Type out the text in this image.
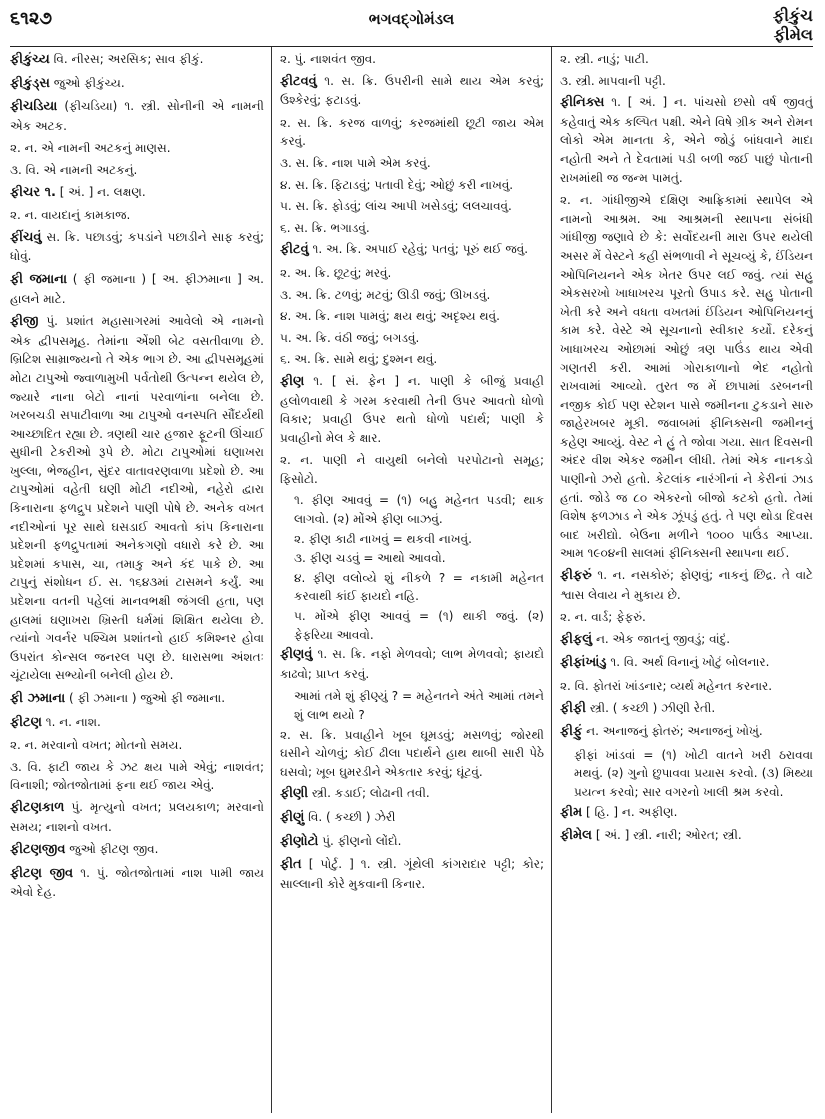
૬૧૨૭	ભગવદ્ગોમંડલ	ફીકુંચ
ફીમેલ
ફીકુંચ્ય વિ. નીરસ; અરસિક; સાવ ફીકું.
ફીકુંડ્સ જુઓ ફીકુંચ્ય.
ફીચડિયા (ફીચડિયા) ૧. સ્ત્રી. સોનીની એ નામની એક અટક.
૨. ન. એ નામની અટકનું માણસ.
૩. વિ. એ નામની અટકનું.
ફીચર ૧. [ અં. ] ન. લક્ષણ.
૨. ન. વાયદાનું કામકાજ.
ફીંચવું સ. ક્રિ. પછાડવું; કપડાંને પછાડીને સાફ કરવું; ધોવું.
ફી જમાના ( ફી જમાના ) [ અ. ફીઝમાના ] અ. હાલને માટે.
ફીજી પું. પ્રશાંત મહાસાગરમાં આવેલો એ નામનો એક દ્વીપસમૂહ. તેમાંના એંશી બેટ વસતીવાળા છે. બ્રિટિશ સામ્રાજ્યનો તે એક ભાગ છે. આ દ્વીપસમૂહમાં મોટા ટાપુઓ જ્વાળામુખી પર્વતોથી ઉત્પન્ન થયેલ છે, જ્યારે નાના બેટો નાનાં પરવાળાંના બનેલા છે. ખરબચડી સપાટીવાળા આ ટાપુઓ વનસ્પતિ સૌંદર્યથી આચ્છાદિત રહ્યા છે. ત્રણથી ચાર હજાર ફૂટની ઊંચાઈ સુધીની ટેકરીઓ રૂપે છે. મોટા ટાપુઓમાં ઘણાખરા ખુલ્લા, ભેજહીન, સુંદર વાતાવરણવાળા પ્રદેશો છે. આ ટાપુઓમાં વહેતી ઘણી મોટી નદીઓ, નહેરો દ્વારા કિનારાના ફળદ્રુપ પ્રદેશને પાણી પોષે છે. અનેક વખત નદીઓનાં પૂર સાથે ઘસડાઈ આવતો કાંપ કિનારાના પ્રદેશની ફળદ્રુપતામાં અનેકગણો વધારો કરે છે. આ પ્રદેશમાં કપાસ, ચા, તમાકુ અને કંદ પાકે છે. આ ટાપુનું સંશોધન ઈ. સ. ૧૬૪૩માં ટાસમને કર્યું. આ પ્રદેશના વતની પહેલાં માનવભક્ષી જંગલી હતા, પણ હાલમાં ઘણાખરા ખ્રિસ્તી ધર્મમાં શિક્ષિત થયેલા છે. ત્યાંનો ગવર્નર પશ્ચિમ પ્રશાંતનો હાઈ કમિશ્નર હોવા ઉપરાંત કોન્સલ જનરલ પણ છે. ધારાસભા અંશતઃ ચૂંટાયેલા સભ્યોની બનેલી હોય છે.
ફી ઝમાના ( ફી ઝમાના ) જુઓ ફી જમાના.
ફીટણ ૧. ન. નાશ.
૨. ન. મરવાનો વખત; મોતનો સમય.
૩. વિ. ફાટી જાય કે ઝટ ક્ષય પામે એવું; નાશવંત; વિનાશી; જોતજોતામાં ફના થઈ જાય એવું.
ફીટણકાળ પું. મૃત્યુનો વખત; પ્રલયકાળ; મરવાનો સમય; નાશનો વખત.
ફીટણજીવ જુઓ ફીટણ જીવ.
ફીટણ જીવ ૧. પું. જોતજોતામાં નાશ પામી જાય એવો દેહ.
૨. પું. નાશવંત જીવ.
ફીટવવું ૧. સ. ક્રિ. ઉપરીની સામે થાય એમ કરવું; ઉશ્કેરવું; ફટાડવું.
૨. સ. ક્રિ. કરજ વાળવું; કરજમાંથી છૂટી જાય એમ કરવું.
૩. સ. ક્રિ. નાશ પામે એમ કરવું.
૪. સ. ક્રિ. ફિટાડવું; પતાવી દેવું; ઓછું કરી નાખવું.
૫. સ. ક્રિ. ફોડવું; લાંચ આપી ખસેડવું; લલચાવવું.
૬. સ. ક્રિ. ભગાડવું.
ફીટવું ૧. અ. ક્રિ. અપાઈ રહેવું; પતવું; પૂરું થઈ જવું.
૨. અ. ક્રિ. છૂટવું; મરવું.
૩. અ. ક્રિ. ટળવું; મટવું; ઊડી જવું; ઊખડવું.
૪. અ. ક્રિ. નાશ પામવું; ક્ષય થવું; અદૃશ્ય થવું.
૫. અ. ક્રિ. વંઠી જવું; બગડવું.
૬. અ. ક્રિ. સામે થવું; દુશ્મન થવું.
ફીણ ૧. [ સં. ફેન ] ન. પાણી કે બીજું પ્રવાહી હલોળવાથી કે ગરમ કરવાથી તેની ઉપર આવતો ધોળો વિકાર; પ્રવાહી ઉપર થતો ધોળો પદાર્થ; પાણી કે પ્રવાહીનો મેલ કે ક્ષાર.
૨. ન. પાણી ને વાયુથી બનેલો પરપોટાનો સમૂહ; ફિસોટો.
૧. ફીણ આવવું = (૧) બહુ મહેનત પડવી; થાક લાગવો. (૨) મોંએ ફીણ બાઝવું.
૨. ફીણ કાઢી નાખવું = થકવી નાખવું.
૩. ફીણ ચડવું = આથો આવવો.
૪. ફીણ વલોવ્યે શું નીકળે ? = નકામી મહેનત કરવાથી કાંઈ ફાયદો નહિ.
૫. મોંએ ફીણ આવવું = (૧) થાકી જવું. (૨) ફેફરિયા આવવો.
ફીણવું ૧. સ. ક્રિ. નફો મેળવવો; લાભ મેળવવો; ફાયદો કાઢવો; પ્રાપ્ત કરવું.
આમાં તમે શું ફીણ્યું ? = મહેનતને અંતે આમાં તમને શું લાભ થયો ?
૨. સ. ક્રિ. પ્રવાહીને ખૂબ ઘૂમડવું; મસળવું; જોરથી ઘસીને ચોળવું; કોઈ ઢીલા પદાર્થને હાથ થાબી સારી પેઠે ઘસવો; ખૂબ ઘુમરડીને એકતાર કરવું; ઘૂંટવું.
ફીણી સ્ત્રી. કડાઈ; લોઢાની તવી.
ફીણું વિ. ( કચ્છી ) ઝેરી
ફીણોટો પું. ફીણનો લોંદો.
ફીત [ પોર્ટુ. ] ૧. સ્ત્રી. ગૂંથેલી કાંગરાદાર પટ્ટી; કોર; સાલ્લાની કોરે મુકવાની કિનાર.
૨. સ્ત્રી. નાડું; પાટી.
૩. સ્ત્રી. માપવાની પટ્ટી.
ફીનિક્સ ૧. [ અં. ] ન. પાંચસો છસો વર્ષ જીવતું કહેવાતું એક કલ્પિત પક્ષી. એને વિષે ગ્રીક અને રોમન લોકો એમ માનતા કે, એને જોડું બાંધવાને માદા નહોતી અને તે દેવતામાં પડી બળી જઈ પાછું પોતાની રાખમાંથી જ જન્મ પામતું.
૨. ન. ગાંધીજીએ દક્ષિણ આફ્રિકામાં સ્થાપેલ એ નામનો આશ્રમ. આ આશ્રમની સ્થાપના સંબંધી ગાંધીજી જણાવે છે કે: સર્વોદયની મારા ઉપર થયેલી અસર મેં વેસ્ટને કહી સંભળાવી ને સૂચવ્યું કે, ઈંડિયન ઓપિનિયનને એક ખેતર ઉપર લઈ જવું. ત્યાં સહુ એકસરખો ખાધાખરચ પૂરતો ઉપાડ કરે. સહુ પોતાની ખેતી કરે અને વધતા વખતમાં ઈંડિયન ઓપિનિયનનું કામ કરે. વેસ્ટે એ સૂચનાનો સ્વીકાર કર્યો. દરેકનું ખાધાખરચ ઓછામાં ઓછું ત્રણ પાઉંડ થાય એવી ગણતરી કરી. આમાં ગોરાકાળાનો ભેદ નહોતો રાખવામાં આવ્યો. તુરત જ મેં છાપામાં ડરબનની નજીક કોઈ પણ સ્ટેશન પાસે જમીનના ટુકડાને સારુ જાહેરખબર મૂકી. જવાબમાં ફીનિક્સની જમીનનું કહેણ આવ્યું. વેસ્ટ ને હું તે જોવા ગયા. સાત દિવસની અંદર વીશ એકર જમીન લીધી. તેમાં એક નાનકડો પાણીનો ઝરો હતો. કેટલાંક નારંગીનાં ને કેરીનાં ઝાડ હતાં. જોડે જ ૮૦ એકરનો બીજો કટકો હતો. તેમાં વિશેષ ફળઝાડ ને એક ઝૂંપડું હતું. તે પણ થોડા દિવસ બાદ ખરીદ્યો. બેઉના મળીને ૧૦૦૦ પાઉંડ આપ્યા. આમ ૧૯૦૪ની સાલમાં ફીનિક્સની સ્થાપના થઈ.
ફીફરું ૧. ન. નસકોરું; ફોણવું; નાકનું છિદ્ર. તે વાટે શ્વાસ લેવાય ને મુકાય છે.
૨. ન. વાર્ડ; ફેફરું.
ફીફલું ન. એક જાતનું જીવડું; વાંદું.
ફીફાંખાંડુ ૧. વિ. અર્થ વિનાનું ખોટું બોલનાર.
૨. વિ. ફોતરાં ખાંડનાર; વ્યર્થ મહેનત કરનાર.
ફીફી સ્ત્રી. ( કચ્છી ) ઝીણી રેતી.
ફીફું ન. અનાજનું ફોતરું; અનાજનું ખોખું.
ફીફાં ખાંડવાં = (૧) ખોટી વાતને ખરી ઠરાવવા મથવું. (૨) ગુનો છુપાવવા પ્રયાસ કરવો. (૩) મિથ્યા પ્રયત્ન કરવો; સાર વગરનો ખાલી શ્રમ કરવો.
ફીમ [ હિ. ] ન. અફીણ.
ફીમેલ [ અં. ] સ્ત્રી. નારી; ઓરત; સ્ત્રી.
